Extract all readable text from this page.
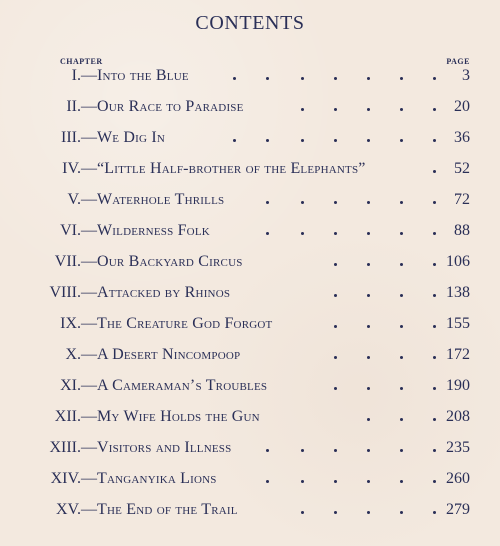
CONTENTS
CHAPTER	PAGE
I.— Into the Blue	3
II.— Our Race to Paradise	20
III.— We Dig In	36
IV.— “Little Half-brother of the Elephants”	52
V.— Waterhole Thrills	72
VI.— Wilderness Folk	88
VII.— Our Backyard Circus	106
VIII.— Attacked by Rhinos	138
IX.— The Creature God Forgot	155
X.— A Desert Nincompoop	172
XI.— A Cameraman’s Troubles	190
XII.— My Wife Holds the Gun	208
XIII.— Visitors and Illness	235
XIV.— Tanganyika Lions	260
XV.— The End of the Trail	279
